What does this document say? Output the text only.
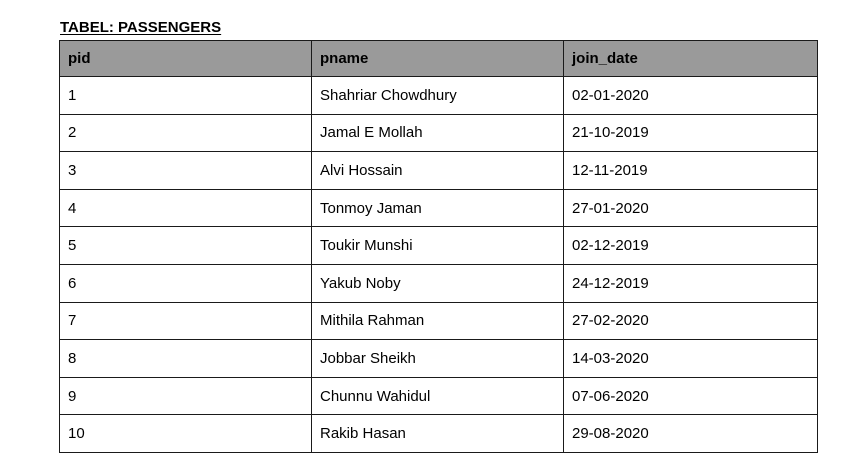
TABEL: PASSENGERS
pid	pname	join_date
1	Shahriar Chowdhury	02-01-2020
2	Jamal E Mollah	21-10-2019
3	Alvi Hossain	12-11-2019
4	Tonmoy Jaman	27-01-2020
5	Toukir Munshi	02-12-2019
6	Yakub Noby	24-12-2019
7	Mithila Rahman	27-02-2020
8	Jobbar Sheikh	14-03-2020
9	Chunnu Wahidul	07-06-2020
10	Rakib Hasan	29-08-2020
